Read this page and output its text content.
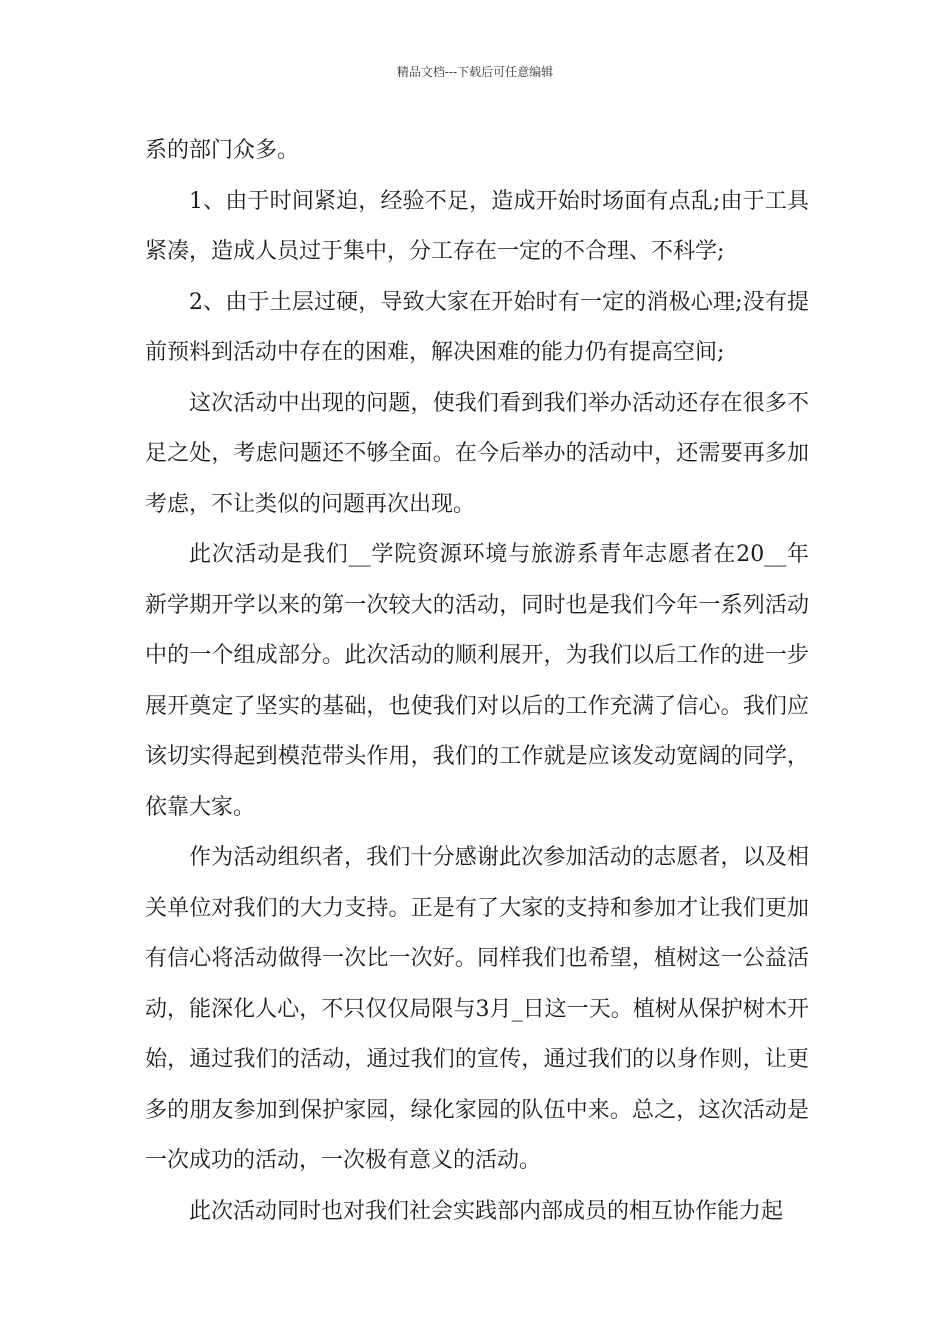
精品文档---下载后可任意编辑

系的部门众多。

1、由于时间紧迫，经验不足，造成开始时场面有点乱;由于工具紧凑，造成人员过于集中，分工存在一定的不合理、不科学;

2、由于土层过硬，导致大家在开始时有一定的消极心理;没有提前预料到活动中存在的困难，解决困难的能力仍有提高空间;

这次活动中出现的问题，使我们看到我们举办活动还存在很多不足之处，考虑问题还不够全面。在今后举办的活动中，还需要再多加考虑，不让类似的问题再次出现。

此次活动是我们__学院资源环境与旅游系青年志愿者在20__年新学期开学以来的第一次较大的活动，同时也是我们今年一系列活动中的一个组成部分。此次活动的顺利展开，为我们以后工作的进一步展开奠定了坚实的基础，也使我们对以后的工作充满了信心。我们应该切实得起到模范带头作用，我们的工作就是应该发动宽阔的同学，依靠大家。

作为活动组织者，我们十分感谢此次参加活动的志愿者，以及相关单位对我们的大力支持。正是有了大家的支持和参加才让我们更加有信心将活动做得一次比一次好。同样我们也希望，植树这一公益活动，能深化人心，不只仅仅局限与3月_日这一天。植树从保护树木开始，通过我们的活动，通过我们的宣传，通过我们的以身作则，让更多的朋友参加到保护家园，绿化家园的队伍中来。总之，这次活动是一次成功的活动，一次极有意义的活动。

此次活动同时也对我们社会实践部内部成员的相互协作能力起
